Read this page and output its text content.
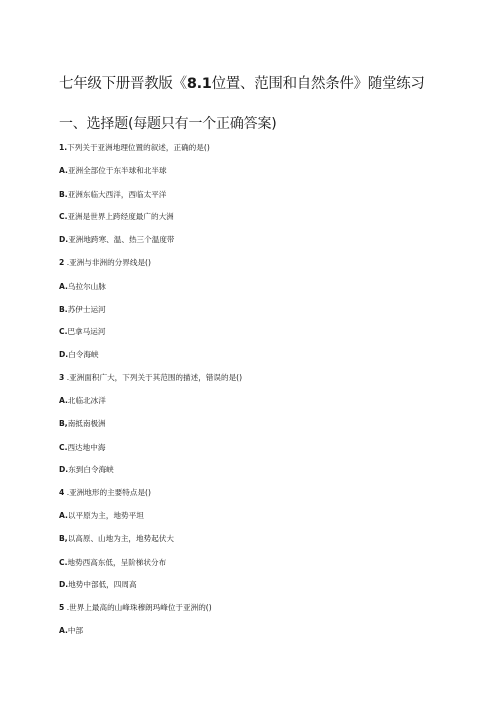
七年级下册晋教版《8.1位置、范围和自然条件》随堂练习
一、选择题(每题只有一个正确答案)
1.下列关于亚洲地理位置的叙述，正确的是()
A.亚洲全部位于东半球和北半球
B.亚洲东临大西洋，西临太平洋
C.亚洲是世界上跨经度最广的大洲
D.亚洲地跨寒、温、热三个温度带
2 .亚洲与非洲的分界线是()
A.乌拉尔山脉
B.苏伊士运河
C.巴拿马运河
D.白令海峡
3 .亚洲面积广大，下列关于其范围的描述，错误的是()
A.北临北冰洋
B,南抵南极洲
C.西达地中海
D.东到白令海峡
4 .亚洲地形的主要特点是()
A.以平原为主，地势平坦
B,以高原、山地为主，地势起伏大
C.地势西高东低，呈阶梯状分布
D.地势中部低，四周高
5 .世界上最高的山峰珠穆朗玛峰位于亚洲的()
A.中部
